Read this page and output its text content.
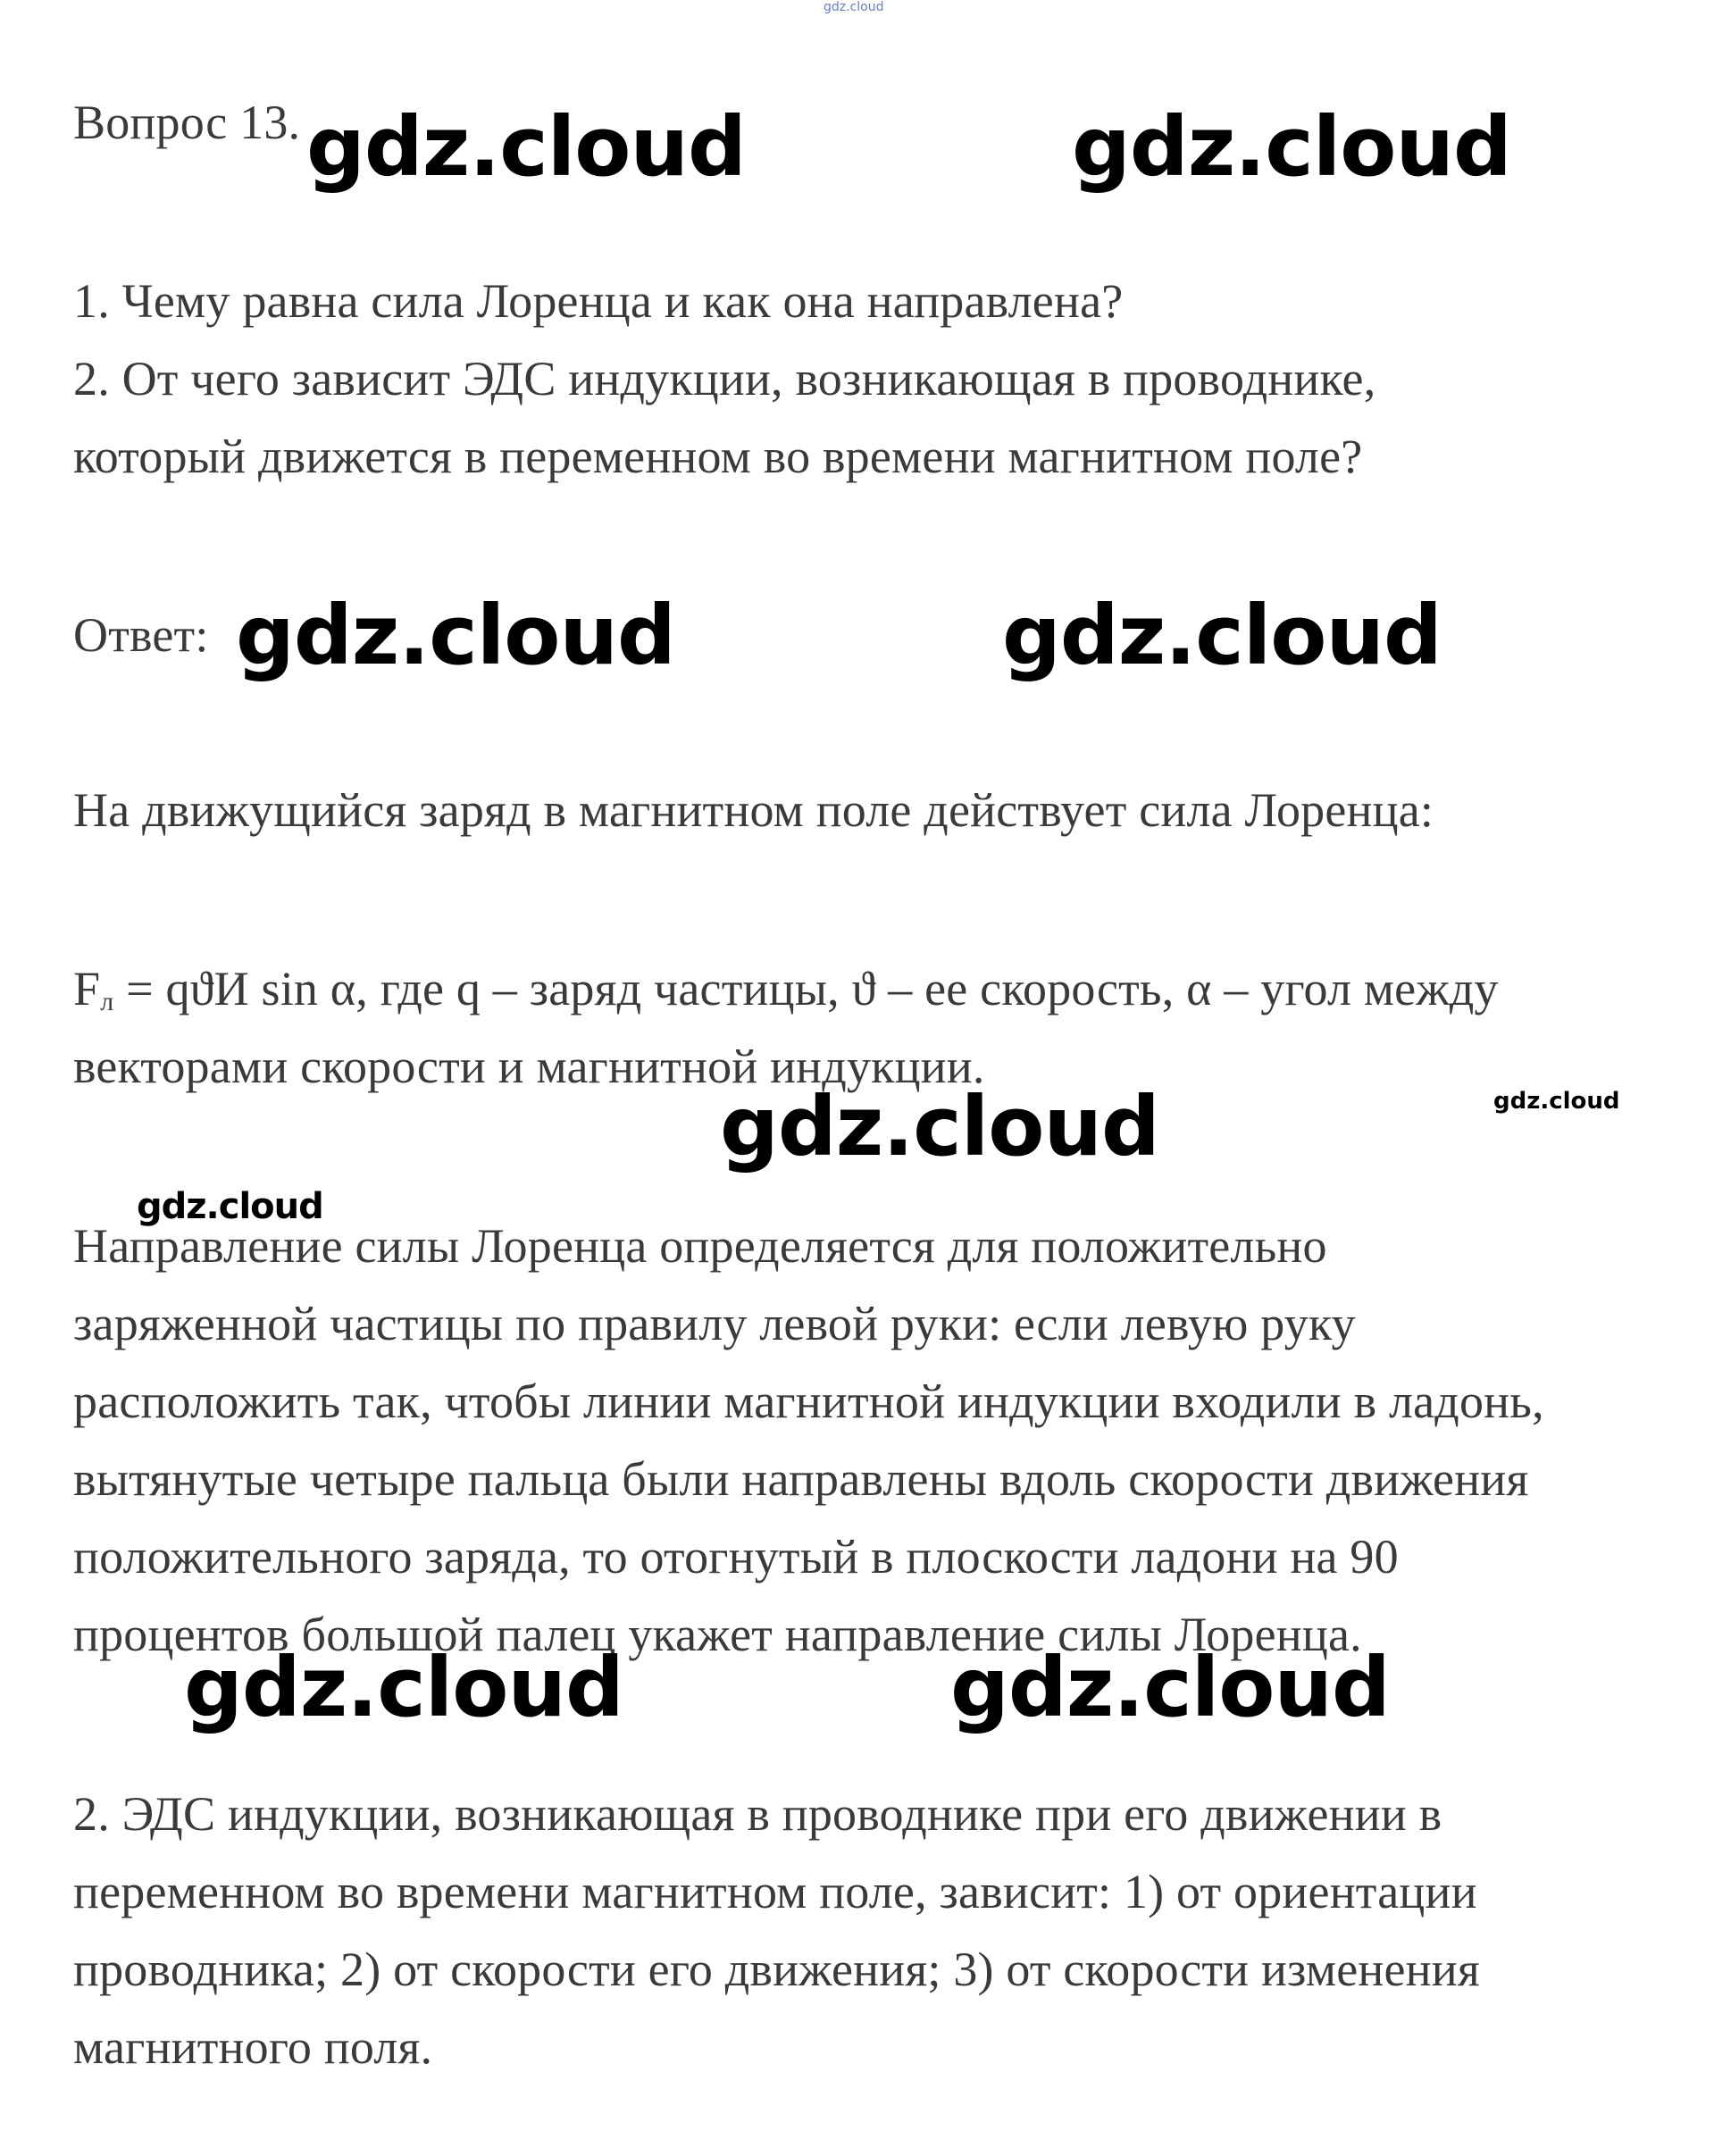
gdz.cloud

Вопрос 13.

1. Чему равна сила Лоренца и как она направлена?

2. От чего зависит ЭДС индукции, возникающая в проводнике,

который движется в переменном во времени магнитном поле?

Ответ:

На движущийся заряд в магнитном поле действует сила Лоренца:

$F_л = qϑИ$ sin α, где q – заряд частицы, ϑ – ее скорость, α – угол между

векторами скорости и магнитной индукции.

Направление силы Лоренца определяется для положительно

заряженной частицы по правилу левой руки: если левую руку

расположить так, чтобы линии магнитной индукции входили в ладонь,

вытянутые четыре пальца были направлены вдоль скорости движения

положительного заряда, то отогнутый в плоскости ладони на 90

процентов большой палец укажет направление силы Лоренца.

2. ЭДС индукции, возникающая в проводнике при его движении в

переменном во времени магнитном поле, зависит: 1) от ориентации

проводника; 2) от скорости его движения; 3) от скорости изменения

магнитного поля.

gdz.cloud	gdz.cloud
gdz.cloud	gdz.cloud
gdz.cloud	gdz.cloud
gdz.cloud
gdz.cloud	gdz.cloud
